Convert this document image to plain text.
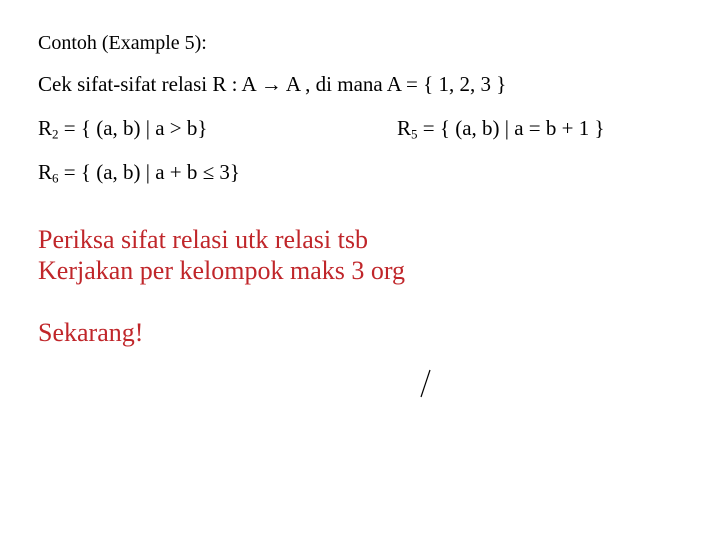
Contoh (Example 5):
Cek sifat-sifat relasi R : A → A , di mana A = { 1, 2, 3 }
$R_2$ = { (a, b) | a > b}	$R_5$ = { (a, b) | a = b + 1 }
$R_6$ = { (a, b) | a + b ≤ 3}
Periksa sifat relasi utk relasi tsb
Kerjakan per kelompok maks 3 org
Sekarang!
